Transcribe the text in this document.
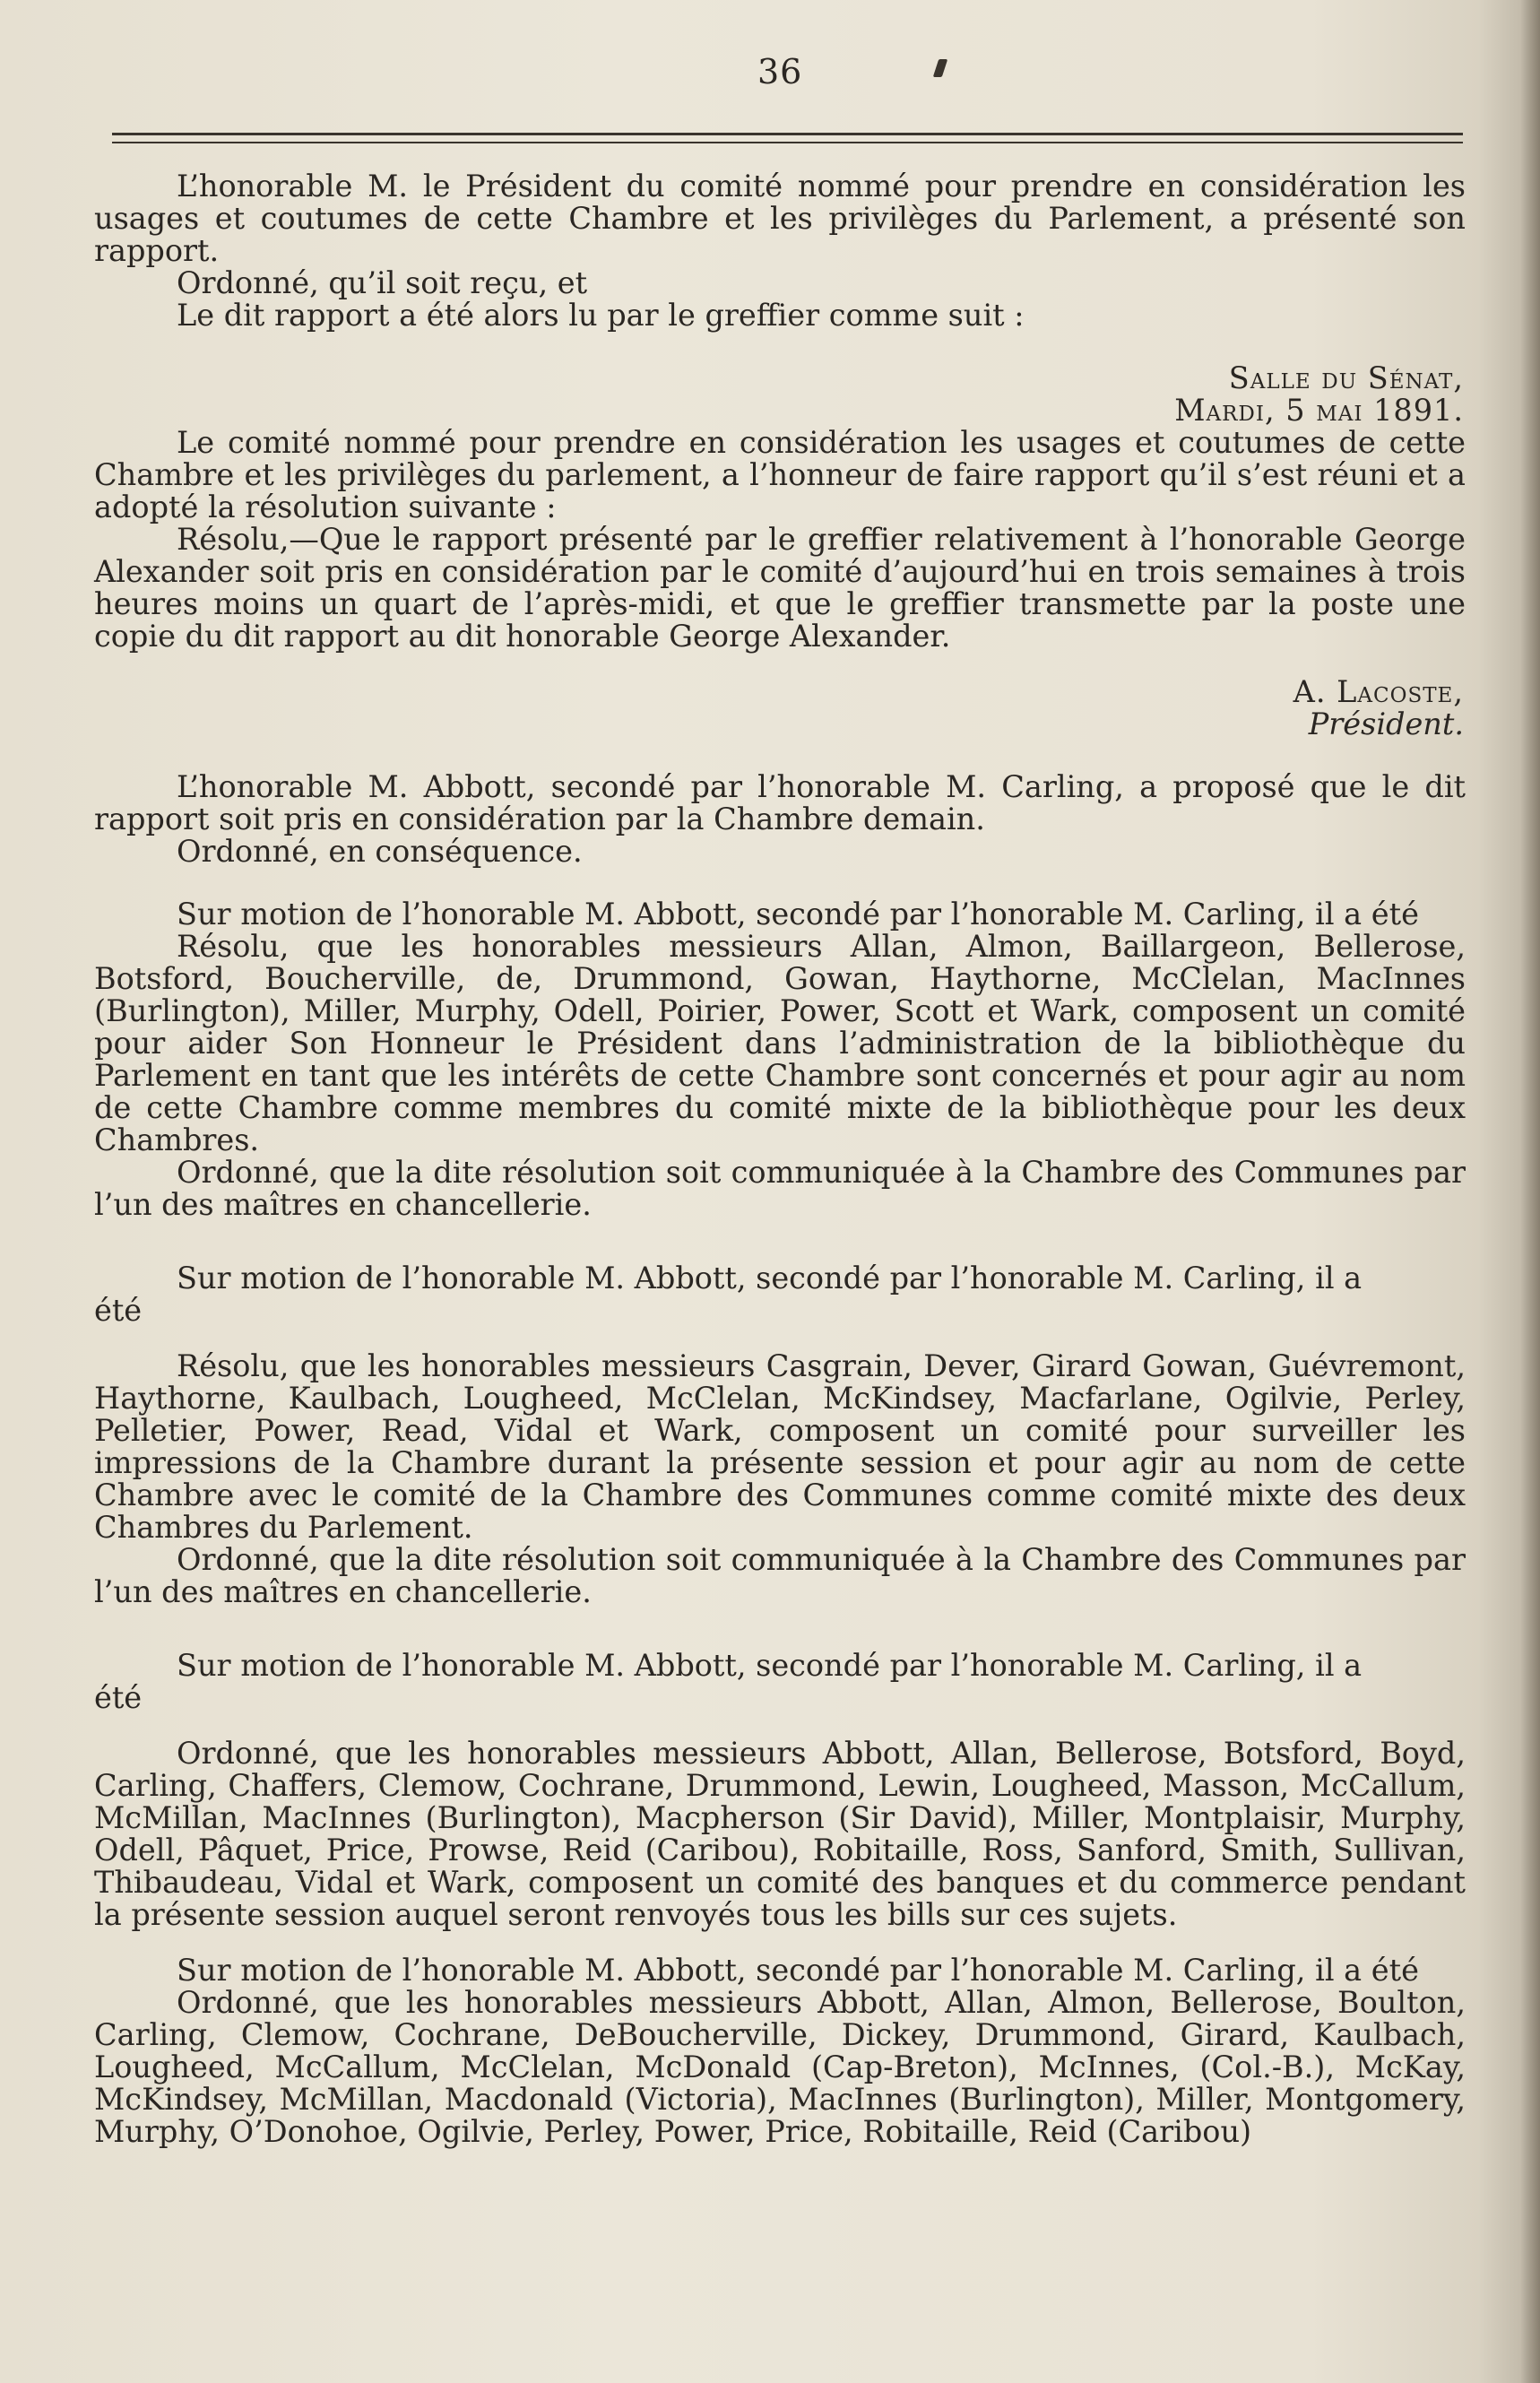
36

L’honorable M. le Président du comité nommé pour prendre en considération les usages et coutumes de cette Chambre et les privilèges du Parlement, a présenté son rapport.

Ordonné, qu’il soit reçu, et

Le dit rapport a été alors lu par le greffier comme suit :

Salle du Sénat,

Mardi, 5 mai 1891.

Le comité nommé pour prendre en considération les usages et coutumes de cette Chambre et les privilèges du parlement, a l’honneur de faire rapport qu’il s’est réuni et a adopté la résolution suivante :

Résolu,—Que le rapport présenté par le greffier relativement à l’honorable George Alexander soit pris en considération par le comité d’aujourd’hui en trois semaines à trois heures moins un quart de l’après-midi, et que le greffier transmette par la poste une copie du dit rapport au dit honorable George Alexander.

A. Lacoste,

Président.

L’honorable M. Abbott, secondé par l’honorable M. Carling, a proposé que le dit rapport soit pris en considération par la Chambre demain.

Ordonné, en conséquence.

Sur motion de l’honorable M. Abbott, secondé par l’honorable M. Carling, il a été

Résolu, que les honorables messieurs Allan, Almon, Baillargeon, Bellerose, Botsford, Boucherville, de, Drummond, Gowan, Haythorne, McClelan, MacInnes (Burlington), Miller, Murphy, Odell, Poirier, Power, Scott et Wark, composent un comité pour aider Son Honneur le Président dans l’administration de la bibliothèque du Parlement en tant que les intérêts de cette Chambre sont concernés et pour agir au nom de cette Chambre comme membres du comité mixte de la bibliothèque pour les deux Chambres.

Ordonné, que la dite résolution soit communiquée à la Chambre des Communes par l’un des maîtres en chancellerie.

Sur motion de l’honorable M. Abbott, secondé par l’honorable M. Carling, il a

été

Résolu, que les honorables messieurs Casgrain, Dever, Girard Gowan, Guévremont, Haythorne, Kaulbach, Lougheed, McClelan, McKindsey, Macfarlane, Ogilvie, Perley, Pelletier, Power, Read, Vidal et Wark, composent un comité pour surveiller les impressions de la Chambre durant la présente session et pour agir au nom de cette Chambre avec le comité de la Chambre des Communes comme comité mixte des deux Chambres du Parlement.

Ordonné, que la dite résolution soit communiquée à la Chambre des Communes par l’un des maîtres en chancellerie.

Sur motion de l’honorable M. Abbott, secondé par l’honorable M. Carling, il a

été

Ordonné, que les honorables messieurs Abbott, Allan, Bellerose, Botsford, Boyd, Carling, Chaffers, Clemow, Cochrane, Drummond, Lewin, Lougheed, Masson, McCallum, McMillan, MacInnes (Burlington), Macpherson (Sir David), Miller, Montplaisir, Murphy, Odell, Pâquet, Price, Prowse, Reid (Caribou), Robitaille, Ross, Sanford, Smith, Sullivan, Thibaudeau, Vidal et Wark, composent un comité des banques et du commerce pendant la présente session auquel seront renvoyés tous les bills sur ces sujets.

Sur motion de l’honorable M. Abbott, secondé par l’honorable M. Carling, il a été

Ordonné, que les honorables messieurs Abbott, Allan, Almon, Bellerose, Boulton, Carling, Clemow, Cochrane, DeBoucherville, Dickey, Drummond, Girard, Kaulbach, Lougheed, McCallum, McClelan, McDonald (Cap-Breton), McInnes, (Col.-B.), McKay, McKindsey, McMillan, Macdonald (Victoria), MacInnes (Burlington), Miller, Montgomery, Murphy, O’Donohoe, Ogilvie, Perley, Power, Price, Robitaille, Reid (Caribou)
